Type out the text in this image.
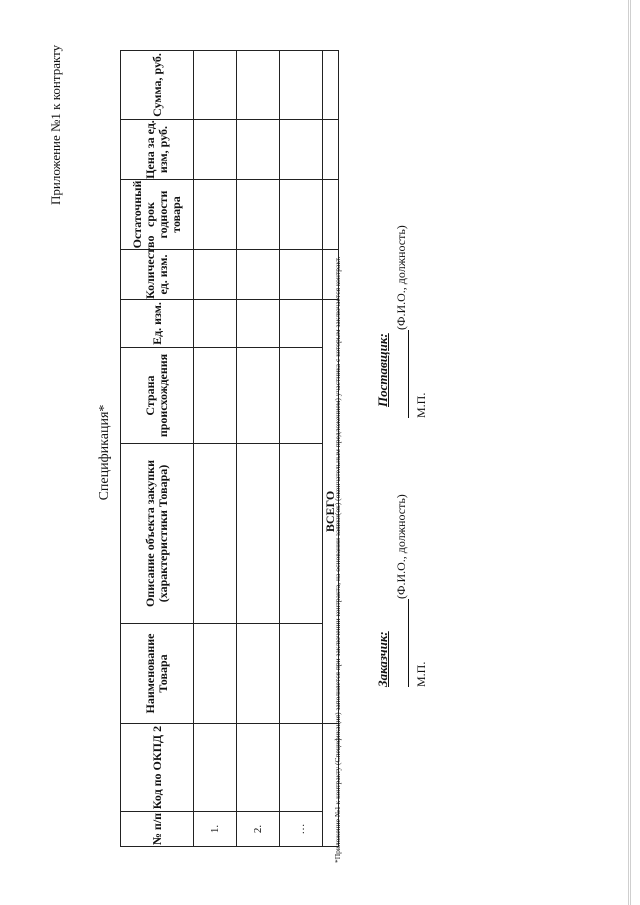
Приложение №1 к контракту
Спецификация*
№ п/п	Код по ОКПД 2	Наименование Товара	Описание объекта закупки (характеристики Товара)	Страна происхождения	Ед. изм.	Количество ед. изм.	Остаточный срок годности товара	Цена за ед. изм, руб.	Сумма, руб.
1.									
2.									
…									
		ВСЕГО							
*Приложение №1 к контракту (Спецификация) заполняется при заключении контракта, на основании заявки(ок) (окончательным предложением) участника с которым заключается контракт.	Заказчик:
Поставщик:
(Ф.И.О., должность)
М.П.
(Ф.И.О., должность)
М.П.
